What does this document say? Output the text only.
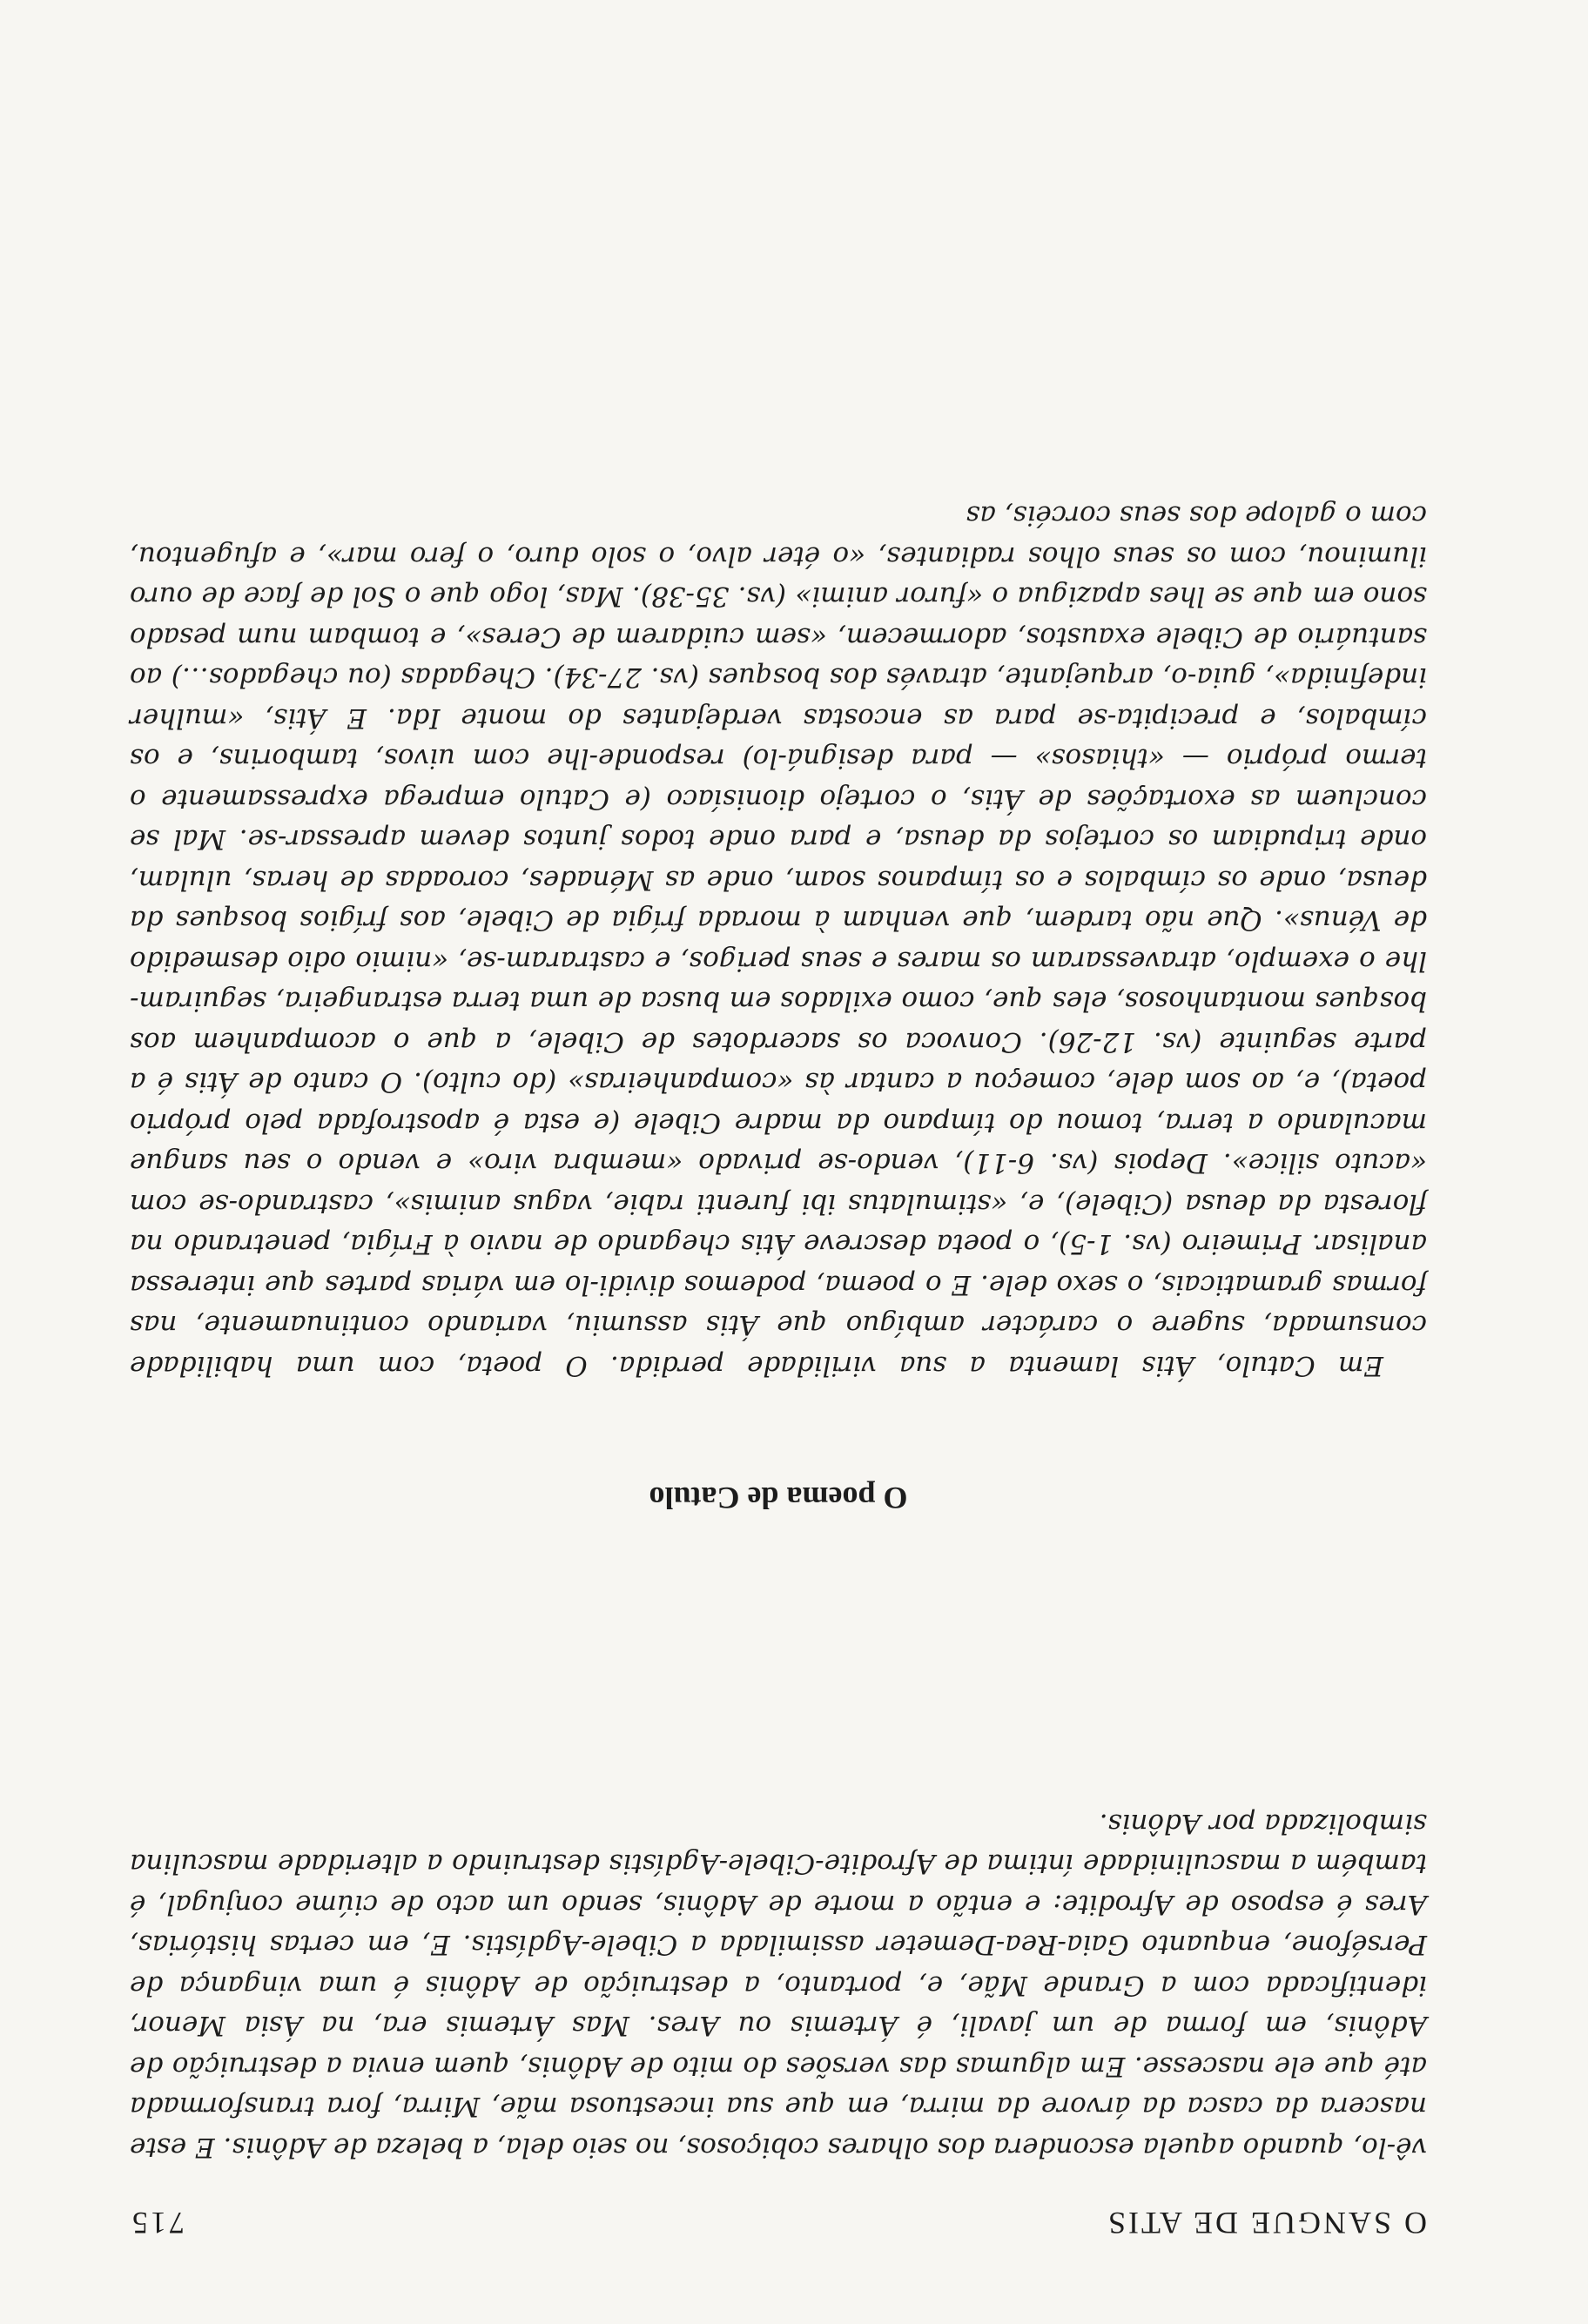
O SANGUE DE ATIS
715

vê-lo, quando aquela escondera dos olhares cobiçosos, no seio dela, a beleza de Adônis. E este nascera da casca da árvore da mirra, em que sua incestuosa mãe, Mirra, fora transformada até que ele nascesse. Em algumas das versões do mito de Adônis, quem envia a destruição de Adônis, em forma de um javali, é Ártemis ou Ares. Mas Ártemis era, na Ásia Menor, identificada com a Grande Mãe, e, portanto, a destruição de Adônis é uma vingança de Perséfone, enquanto Gaia-Rea-Demeter assimilada a Cibele-Agdístis. E, em certas histórias, Ares é esposo de Afrodite: e então a morte de Adônis, sendo um acto de ciúme conjugal, é também a masculinidade íntima de Afrodite-Cibele-Agdístis destruindo a alteridade masculina simbolizada por Adônis.

O poema de Catulo

Em Catulo, Átis lamenta a sua virilidade perdida. O poeta, com uma habilidade consumada, sugere o carácter ambíguo que Átis assumiu, variando continuamente, nas formas gramaticais, o sexo dele. E o poema, podemos dividi-lo em várias partes que interessa analisar. Primeiro (vs. 1-5), o poeta descreve Átis chegando de navio à Frígia, penetrando na floresta da deusa (Cibele), e, «stimulatus ibi furenti rabie, vagus animis», castrando-se com «acuto silice». Depois (vs. 6-11), vendo-se privado «membra viro» e vendo o seu sangue maculando a terra, tomou do tímpano da madre Cibele (e esta é apostrofada pelo próprio poeta), e, ao som dele, começou a cantar às «companheiras» (do culto). O canto de Átis é a parte seguinte (vs. 12-26). Convoca os sacerdotes de Cibele, a que o acompanhem aos bosques montanhosos, eles que, como exilados em busca de uma terra estrangeira, seguiram-lhe o exemplo, atravessaram os mares e seus perigos, e castraram-se, «nimio odio desmedido de Vénus». Que não tardem, que venham à morada frígia de Cibele, aos frígios bosques da deusa, onde os címbalos e os tímpanos soam, onde as Ménades, coroadas de heras, ululam, onde tripudiam os cortejos da deusa, e para onde todos juntos devem apressar-se. Mal se concluem as exortações de Átis, o cortejo dionisíaco (e Catulo emprega expressamente o termo próprio — «thiasos» — para designá-lo) responde-lhe com uivos, tamborins, e os címbalos, e precipita-se para as encostas verdejantes do monte Ida. E Átis, «mulher indefinida», guia-o, arquejante, através dos bosques (vs. 27-34). Chegadas (ou chegados…) ao santuário de Cibele exaustos, adormecem, «sem cuidarem de Ceres», e tombam num pesado sono em que se lhes apazigua o «furor animi» (vs. 35-38). Mas, logo que o Sol de face de ouro iluminou, com os seus olhos radiantes, «o éter alvo, o solo duro, o fero mar», e afugentou, com o galope dos seus corcéis, as
